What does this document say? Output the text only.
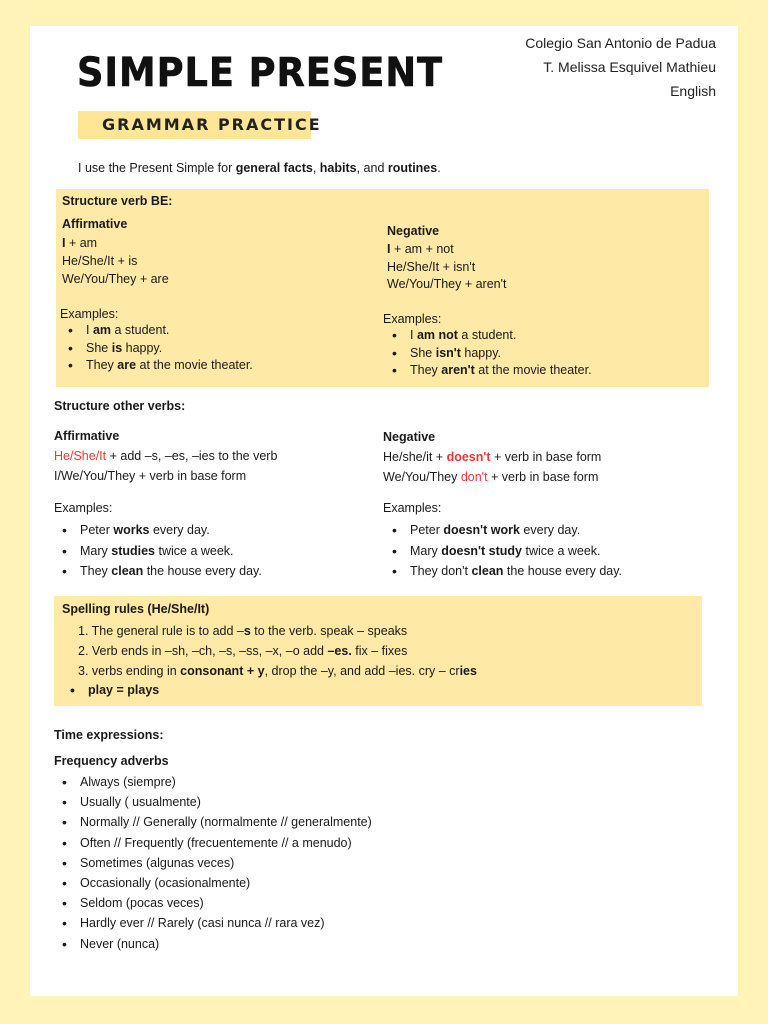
SIMPLE PRESENT
GRAMMAR PRACTICE
Colegio San Antonio de Padua
T. Melissa Esquivel Mathieu
English
I use the Present Simple for general facts, habits, and routines.
Structure verb BE:
Affirmative
I + am
He/She/It + is
We/You/They + are
Examples:
• I am a student.
• She is happy.
• They are at the movie theater.
Negative
I + am + not
He/She/It + isn't
We/You/They + aren't
Examples:
• I am not a student.
• She isn't happy.
• They aren't at the movie theater.
Structure other verbs:
Affirmative
He/She/It + add –s, –es, –ies to the verb
I/We/You/They + verb in base form
Examples:
• Peter works every day.
• Mary studies twice a week.
• They clean the house every day.
Negative
He/she/it + doesn't + verb in base form
We/You/They don't + verb in base form
Examples:
• Peter doesn't work every day.
• Mary doesn't study twice a week.
• They don't clean the house every day.
Spelling rules (He/She/It)
1. The general rule is to add –s to the verb. speak – speaks
2. Verb ends in –sh, –ch, –s, –ss, –x, –o add –es. fix – fixes
3. verbs ending in consonant + y, drop the –y, and add –ies. cry – cries
• play = plays
Time expressions:
Frequency adverbs
• Always (siempre)
• Usually ( usualmente)
• Normally // Generally (normalmente // generalmente)
• Often // Frequently (frecuentemente // a menudo)
• Sometimes (algunas veces)
• Occasionally (ocasionalmente)
• Seldom (pocas veces)
• Hardly ever // Rarely (casi nunca // rara vez)
• Never (nunca)
